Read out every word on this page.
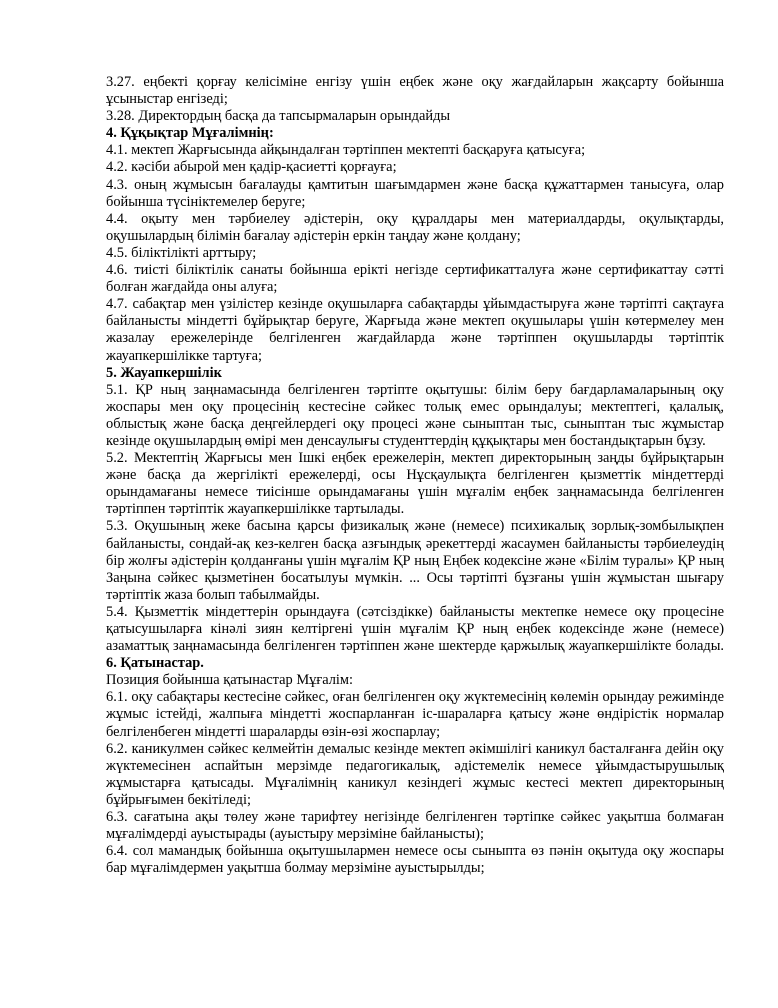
3.27. еңбекті қорғау келісіміне енгізу үшін еңбек және оқу жағдайларын жақсарту бойынша ұсыныстар енгізеді;

3.28. Директордың басқа да тапсырмаларын орындайды

4. Құқықтар Мұғалімнің:

4.1. мектеп Жарғысында айқындалған тәртіппен мектепті басқаруға қатысуға;

4.2. кәсіби абырой мен қадір-қасиетті қорғауға;

4.3. оның жұмысын бағалауды қамтитын шағымдармен және басқа құжаттармен танысуға, олар бойынша түсініктемелер беруге;

4.4. оқыту мен тәрбиелеу әдістерін, оқу құралдары мен материалдарды, оқулықтарды, оқушылардың білімін бағалау әдістерін еркін таңдау және қолдану;

4.5. біліктілікті арттыру;

4.6. тиісті біліктілік санаты бойынша ерікті негізде сертификатталуға және сертификаттау сәтті болған жағдайда оны алуға;

4.7. сабақтар мен үзілістер кезінде оқушыларға сабақтарды ұйымдастыруға және тәртіпті сақтауға байланысты міндетті бұйрықтар беруге, Жарғыда және мектеп оқушылары үшін көтермелеу мен жазалау ережелерінде белгіленген жағдайларда және тәртіппен оқушыларды тәртіптік жауапкершілікке тартуға;

5. Жауапкершілік

5.1. ҚР ның заңнамасында белгіленген тәртіпте оқытушы: білім беру бағдарламаларының оқу жоспары мен оқу процесінің кестесіне сәйкес толық емес орындалуы; мектептегі, қалалық, облыстық және басқа деңгейлердегі оқу процесі және сыныптан тыс, сыныптан тыс жұмыстар кезінде оқушылардың өмірі мен денсаулығы студенттердің құқықтары мен бостандықтарын бұзу.

5.2. Мектептің Жарғысы мен Ішкі еңбек ережелерін, мектеп директорының заңды бұйрықтарын және басқа да жергілікті ережелерді, осы Нұсқаулықта белгіленген қызметтік міндеттерді орындамағаны немесе тиісінше орындамағаны үшін мұғалім еңбек заңнамасында белгіленген тәртіппен тәртіптік жауапкершілікке тартылады.

5.3. Оқушының жеке басына қарсы физикалық және (немесе) психикалық зорлық-зомбылықпен байланысты, сондай-ақ кез-келген басқа азғындық әрекеттерді жасаумен байланысты тәрбиелеудің бір жолғы әдістерін қолданғаны үшін мұғалім ҚР ның Еңбек кодексіне және «Білім туралы» ҚР ның Заңына сәйкес қызметінен босатылуы мүмкін. ... Осы тәртіпті бұзғаны үшін жұмыстан шығару тәртіптік жаза болып табылмайды.

5.4. Қызметтік міндеттерін орындауға (сәтсіздікке) байланысты мектепке немесе оқу процесіне қатысушыларға кінәлі зиян келтіргені үшін мұғалім ҚР ның еңбек кодексінде және (немесе) азаматтық заңнамасында белгіленген тәртіппен және шектерде қаржылық жауапкершілікте болады. 6. Қатынастар.

Позиция бойынша қатынастар Мұғалім:

6.1. оқу сабақтары кестесіне сәйкес, оған белгіленген оқу жүктемесінің көлемін орындау режимінде жұмыс істейді, жалпыға міндетті жоспарланған іс-шараларға қатысу және өндірістік нормалар белгіленбеген міндетті шараларды өзін-өзі жоспарлау;

6.2. каникулмен сәйкес келмейтін демалыс кезінде мектеп әкімшілігі каникул басталғанға дейін оқу жүктемесінен аспайтын мерзімде педагогикалық, әдістемелік немесе ұйымдастырушылық жұмыстарға қатысады. Мұғалімнің каникул кезіндегі жұмыс кестесі мектеп директорының бұйрығымен бекітіледі;

6.3. сағатына ақы төлеу және тарифтеу негізінде белгіленген тәртіпке сәйкес уақытша болмаған мұғалімдерді ауыстырады (ауыстыру мерзіміне байланысты);

6.4. сол мамандық бойынша оқытушылармен немесе осы сыныпта өз пәнін оқытуда оқу жоспары бар мұғалімдермен уақытша болмау мерзіміне ауыстырылды;
